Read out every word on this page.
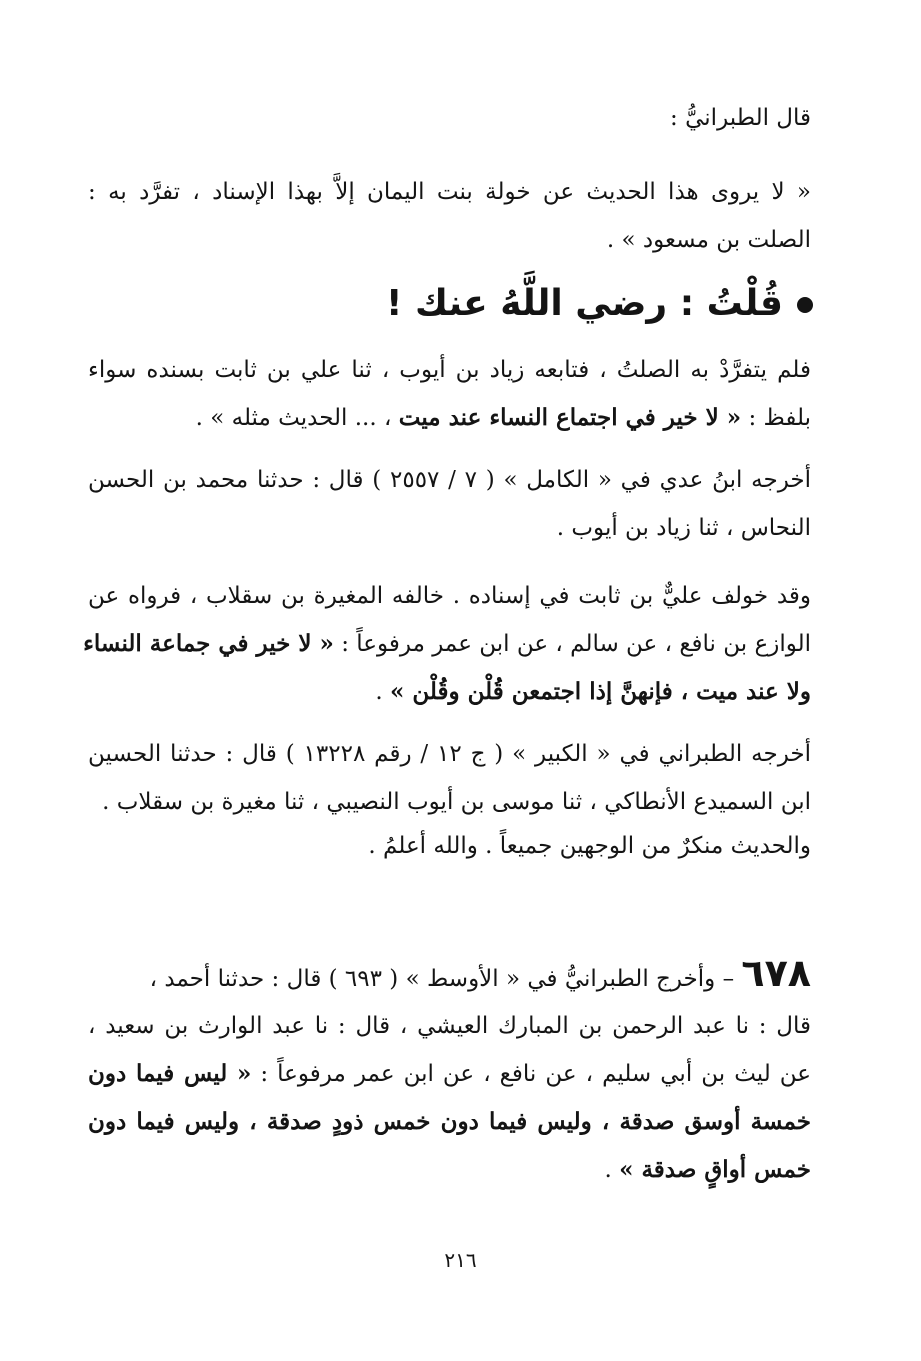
قال الطبرانيُّ :
« لا يروى هذا الحديث عن خولة بنت اليمان إلاَّ بهذا الإسناد ، تفرَّد به :
الصلت بن مسعود » .
قُلْتُ : رضي اللَّهُ عنك !
فلم يتفرَّدْ به الصلتُ ، فتابعه زياد بن أيوب ، ثنا علي بن ثابت بسنده سواء
بلفظ : « لا خير في اجتماع النساء عند ميت ، ... الحديث مثله » .
أخرجه ابنُ عدي في « الكامل » ( ٧ / ٢٥٥٧ ) قال : حدثنا محمد بن الحسن
النحاس ، ثنا زياد بن أيوب .
وقد خولف عليٌّ بن ثابت في إسناده . خالفه المغيرة بن سقلاب ، فرواه عن
الوازع بن نافع ، عن سالم ، عن ابن عمر مرفوعاً : « لا خير في جماعة النساء
ولا عند ميت ، فإنهنَّ إذا اجتمعن قُلْن وقُلْن » .
أخرجه الطبراني في « الكبير » ( ج ١٢ / رقم ١٣٢٢٨ ) قال : حدثنا الحسين
ابن السميدع الأنطاكي ، ثنا موسى بن أيوب النصيبي ، ثنا مغيرة بن سقلاب .
والحديث منكرٌ من الوجهين جميعاً . والله أعلمُ .
٦٧٨ – وأخرج الطبرانيُّ في « الأوسط » ( ٦٩٣ ) قال : حدثنا أحمد ،
قال : نا عبد الرحمن بن المبارك العيشي ، قال : نا عبد الوارث بن سعيد ،
عن ليث بن أبي سليم ، عن نافع ، عن ابن عمر مرفوعاً : « ليس فيما دون
خمسة أوسق صدقة ، وليس فيما دون خمس ذودٍ صدقة ، وليس فيما دون
خمس أواقٍ صدقة » .
٢١٦
